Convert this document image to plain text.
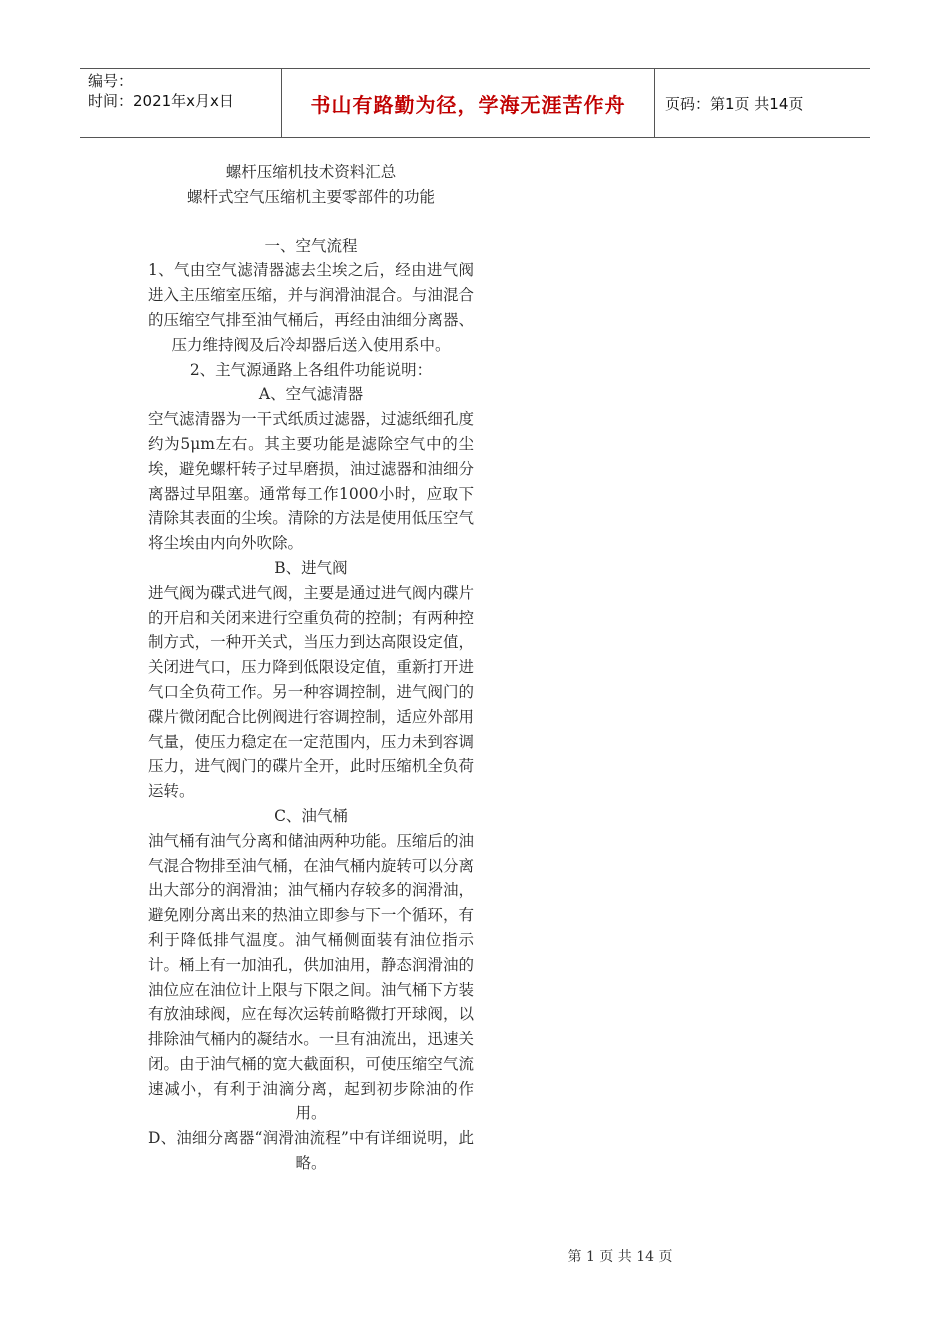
编号：
时间：2021年x月x日	书山有路勤为径，学海无涯苦作舟	页码：第1页 共14页

螺杆压缩机技术资料汇总

螺杆式空气压缩机主要零部件的功能

一、空气流程

1、气由空气滤清器滤去尘埃之后，经由进气阀进入主压缩室压缩，并与润滑油混合。与油混合的压缩空气排至油气桶后，再经由油细分离器、压力维持阀及后冷却器后送入使用系中。

2、主气源通路上各组件功能说明：

A、空气滤清器

空气滤清器为一干式纸质过滤器，过滤纸细孔度约为5μm左右。其主要功能是滤除空气中的尘埃，避免螺杆转子过早磨损，油过滤器和油细分离器过早阻塞。通常每工作1000小时，应取下清除其表面的尘埃。清除的方法是使用低压空气将尘埃由内向外吹除。

B、进气阀

进气阀为碟式进气阀，主要是通过进气阀内碟片的开启和关闭来进行空重负荷的控制；有两种控制方式，一种开关式，当压力到达高限设定值，关闭进气口，压力降到低限设定值，重新打开进气口全负荷工作。另一种容调控制，进气阀门的碟片微闭配合比例阀进行容调控制，适应外部用气量，使压力稳定在一定范围内，压力未到容调压力，进气阀门的碟片全开，此时压缩机全负荷运转。

C、油气桶

油气桶有油气分离和储油两种功能。压缩后的油气混合物排至油气桶，在油气桶内旋转可以分离出大部分的润滑油；油气桶内存较多的润滑油，避免刚分离出来的热油立即参与下一个循环，有利于降低排气温度。油气桶侧面装有油位指示计。桶上有一加油孔，供加油用，静态润滑油的油位应在油位计上限与下限之间。油气桶下方装有放油球阀，应在每次运转前略微打开球阀，以排除油气桶内的凝结水。一旦有油流出，迅速关闭。由于油气桶的宽大截面积，可使压缩空气流速减小，有利于油滴分离，起到初步除油的作用。

D、油细分离器“润滑油流程”中有详细说明，此略。

第 1 页 共 14 页
